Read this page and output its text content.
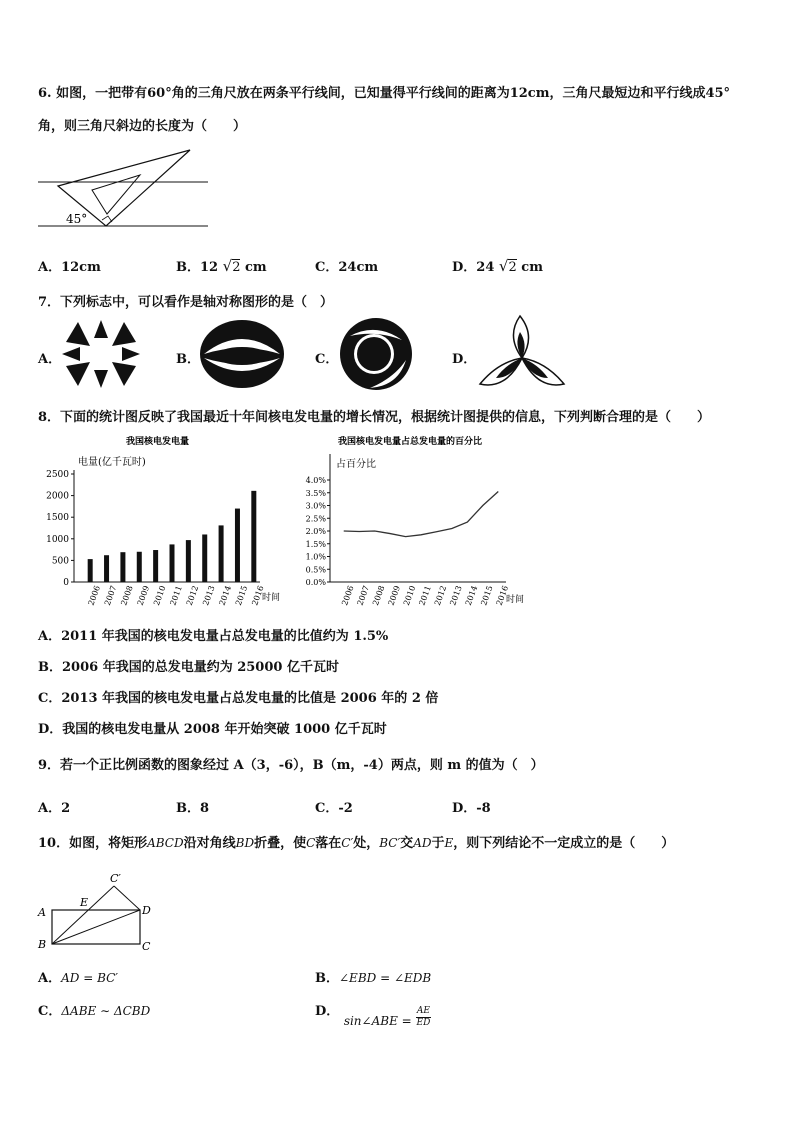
6. 如图，一把带有60°角的三角尺放在两条平行线间，已知量得平行线间的距离为12cm，三角尺最短边和平行线成45°
角，则三角尺斜边的长度为（　　）
45°
A．12cm	B．12 √2 cm	C．24cm	D．24 √2 cm
7．下列标志中，可以看作是轴对称图形的是（　）
A．	B．	C．	D．
8．下面的统计图反映了我国最近十年间核电发电量的增长情况，根据统计图提供的信息，下列判断合理的是（　　）
我国核电发电量
电量(亿千瓦时)
时间
0
500
1000
1500
2000
2500
2006 2007 2008 2009 2010 2011 2012 2013 2014 2015 2016
我国核电发电量占总发电量的百分比
占百分比
时间
0.0%
0.5%
1.0%
1.5%
2.0%
2.5%
3.0%
3.5%
4.0%
2006 2007 2008 2009 2010 2011 2012 2013 2014 2015 2016
A．2011 年我国的核电发电量占总发电量的比值约为 1.5%
B．2006 年我国的总发电量约为 25000 亿千瓦时
C．2013 年我国的核电发电量占总发电量的比值是 2006 年的 2 倍
D．我国的核电发电量从 2008 年开始突破 1000 亿千瓦时
9．若一个正比例函数的图象经过 A（3，-6），B（m，-4）两点，则 m 的值为（　）
A．2	B．8	C．-2	D．-8
10．如图，将矩形ABCD沿对角线BD折叠，使C落在C′处，BC′交AD于E，则下列结论不一定成立的是（　　）
C′
E
A	D
B	C
A．AD = BC′	B．∠EBD = ∠EDB
C．ΔABE ∼ ΔCBD	D． sin∠ABE = $\frac{AE}{ED}$
